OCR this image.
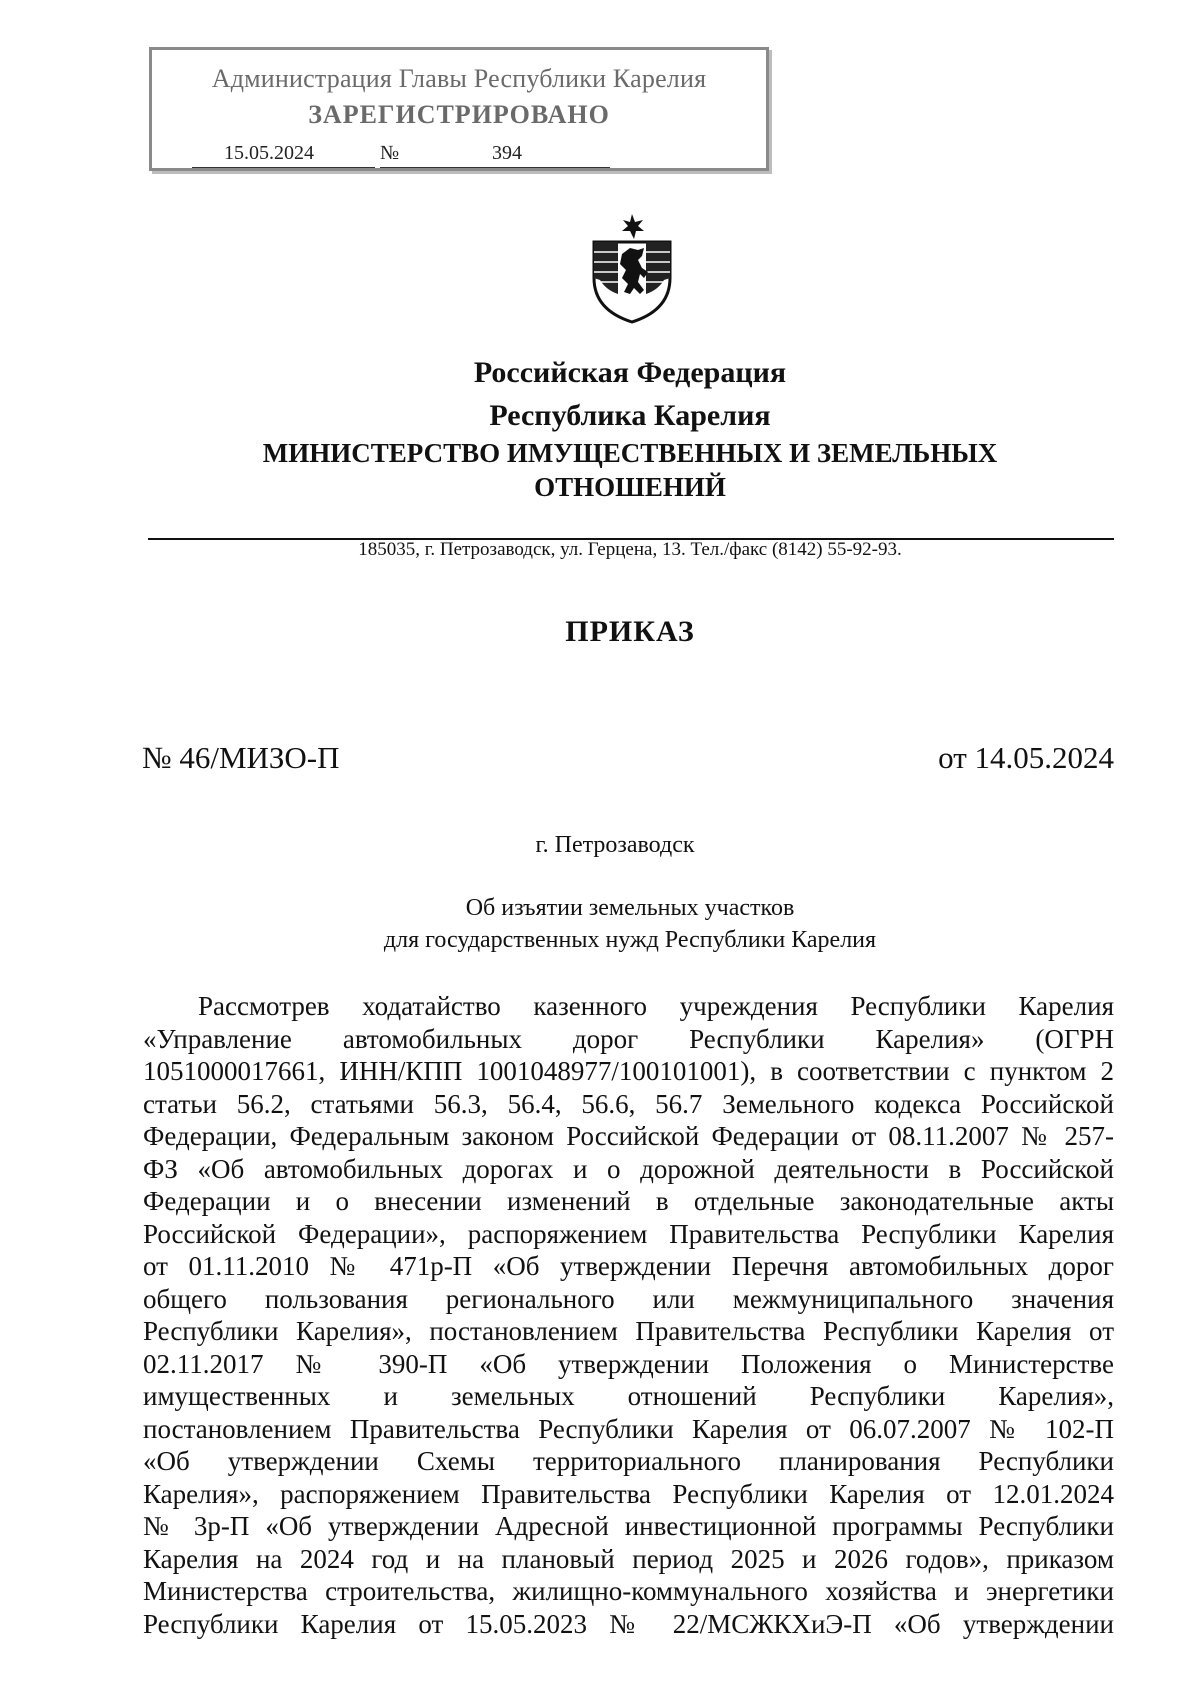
Администрация Главы Республики Карелия
ЗАРЕГИСТРИРОВАНО
15.05.2024	№	394
Российская Федерация
Республика Карелия
МИНИСТЕРСТВО ИМУЩЕСТВЕННЫХ И ЗЕМЕЛЬНЫХ
ОТНОШЕНИЙ
185035, г. Петрозаводск, ул. Герцена, 13. Тел./факс (8142) 55-92-93.
ПРИКАЗ
№ 46/МИЗО-П	от 14.05.2024
г. Петрозаводск
Об изъятии земельных участков
для государственных нужд Республики Карелия
Рассмотрев ходатайство казенного учреждения Республики Карелия
«Управление автомобильных дорог Республики Карелия» (ОГРН
1051000017661, ИНН/КПП 1001048977/100101001), в соответствии с пунктом 2
статьи 56.2, статьями 56.3, 56.4, 56.6, 56.7 Земельного кодекса Российской
Федерации, Федеральным законом Российской Федерации от 08.11.2007 № 257-
ФЗ «Об автомобильных дорогах и о дорожной деятельности в Российской
Федерации и о внесении изменений в отдельные законодательные акты
Российской Федерации», распоряжением Правительства Республики Карелия
от 01.11.2010 № 471р-П «Об утверждении Перечня автомобильных дорог
общего пользования регионального или межмуниципального значения
Республики Карелия», постановлением Правительства Республики Карелия от
02.11.2017 № 390-П «Об утверждении Положения о Министерстве
имущественных и земельных отношений Республики Карелия»,
постановлением Правительства Республики Карелия от 06.07.2007 № 102-П
«Об утверждении Схемы территориального планирования Республики
Карелия», распоряжением Правительства Республики Карелия от 12.01.2024
№ 3р-П «Об утверждении Адресной инвестиционной программы Республики
Карелия на 2024 год и на плановый период 2025 и 2026 годов», приказом
Министерства строительства, жилищно-коммунального хозяйства и энергетики
Республики Карелия от 15.05.2023 № 22/МСЖКХиЭ-П «Об утверждении
